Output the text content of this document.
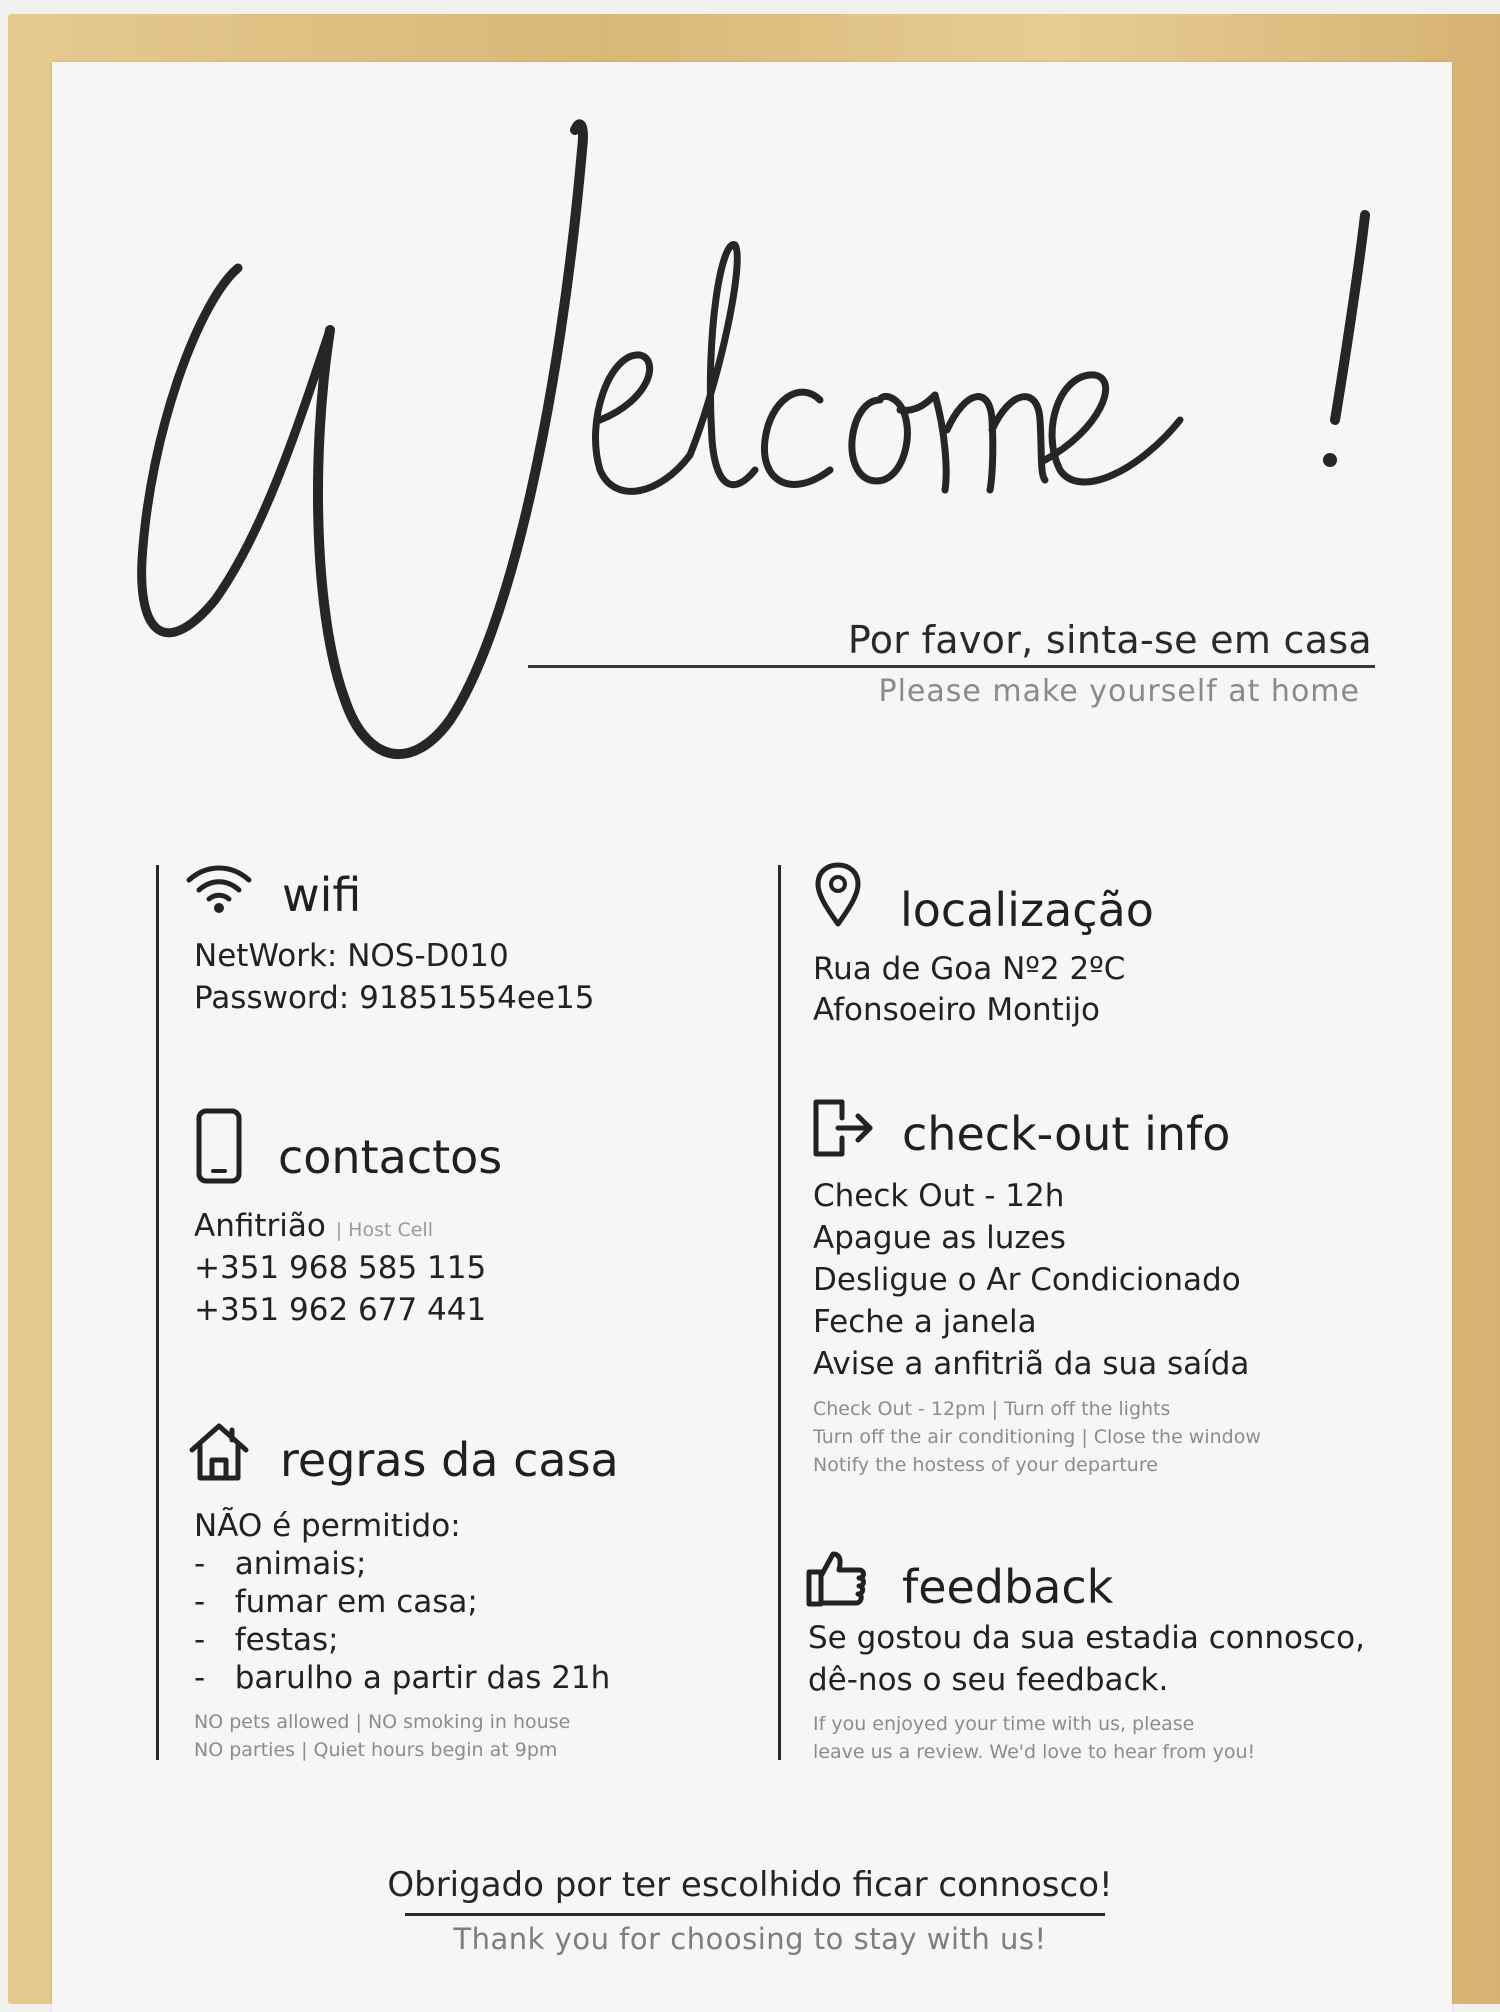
Por favor, sinta-se em casa
Please make yourself at home
wifi
NetWork: NOS-D010
Password: 91851554ee15
contactos
Anfitrião | Host Cell
+351 968 585 115
+351 962 677 441
regras da casa
NÃO é permitido:
-   animais;
-   fumar em casa;
-   festas;
-   barulho a partir das 21h
NO pets allowed | NO smoking in house
NO parties | Quiet hours begin at 9pm
localização
Rua de Goa Nº2 2ºC
Afonsoeiro Montijo
check-out info
Check Out - 12h
Apague as luzes
Desligue o Ar Condicionado
Feche a janela
Avise a anfitriã da sua saída
Check Out - 12pm | Turn off the lights
Turn off the air conditioning | Close the window
Notify the hostess of your departure
feedback
Se gostou da sua estadia connosco,
dê-nos o seu feedback.
If you enjoyed your time with us, please
leave us a review. We'd love to hear from you!
Obrigado por ter escolhido ficar connosco!
Thank you for choosing to stay with us!
